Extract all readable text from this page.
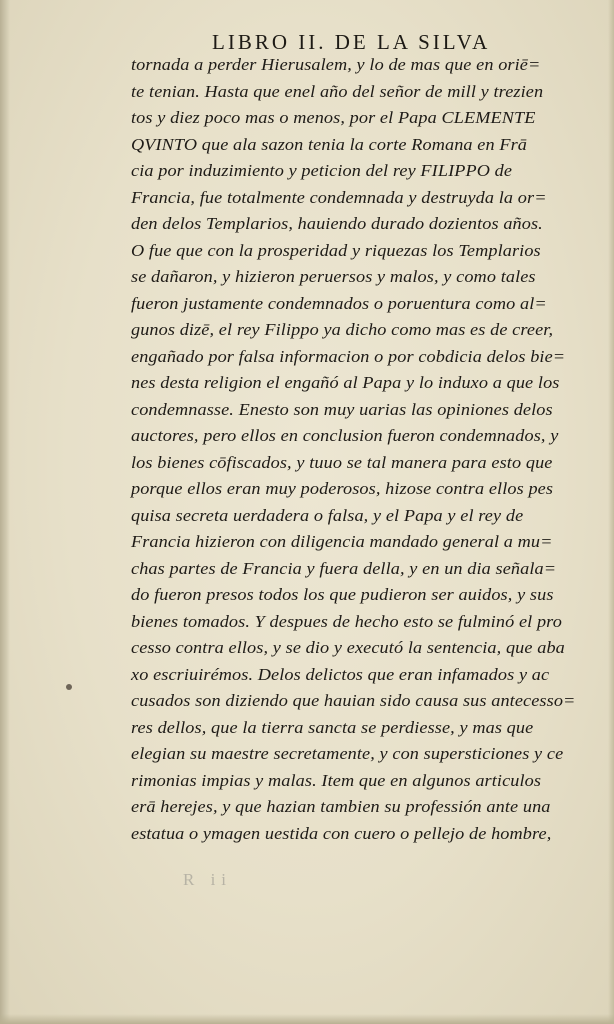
LIBRO II. DE LA SILVA
tornada a perder Hierusalem, y lo de mas que en oriē=
te tenian. Hasta que enel año del señor de mill y trezien
tos y diez poco mas o menos, por el Papa CLEMENTE
QVINTO que ala sazon tenia la corte Romana en Frā
cia por induzimiento y peticion del rey FILIPPO de
Francia, fue totalmente condemnada y destruyda la or=
den delos Templarios, hauiendo durado dozientos años.
O fue que con la prosperidad y riquezas los Templarios
se dañaron, y hizieron peruersos y malos, y como tales
fueron justamente condemnados o poruentura como al=
gunos dizē, el rey Filippo ya dicho como mas es de creer,
engañado por falsa informacion o por cobdicia delos bie=
nes desta religion el engañó al Papa y lo induxo a que los
condemnasse. Enesto son muy uarias las opiniones delos
auctores, pero ellos en conclusion fueron condemnados, y
los bienes cōfiscados, y tuuo se tal manera para esto que
porque ellos eran muy poderosos, hizose contra ellos pes
quisa secreta uerdadera o falsa, y el Papa y el rey de
Francia hizieron con diligencia mandado general a mu=
chas partes de Francia y fuera della, y en un dia señala=
do fueron presos todos los que pudieron ser auidos, y sus
bienes tomados. Y despues de hecho esto se fulminó el pro
cesso contra ellos, y se dio y executó la sentencia, que aba
xo escriuirémos. Delos delictos que eran infamados y ac
cusados son diziendo que hauian sido causa sus antecesso=
res dellos, que la tierra sancta se perdiesse, y mas que
elegian su maestre secretamente, y con supersticiones y ce
rimonias impias y malas. Item que en algunos articulos
erā herejes, y que hazian tambien su professión ante una
estatua o ymagen uestida con cuero o pellejo de hombre,
R ii
